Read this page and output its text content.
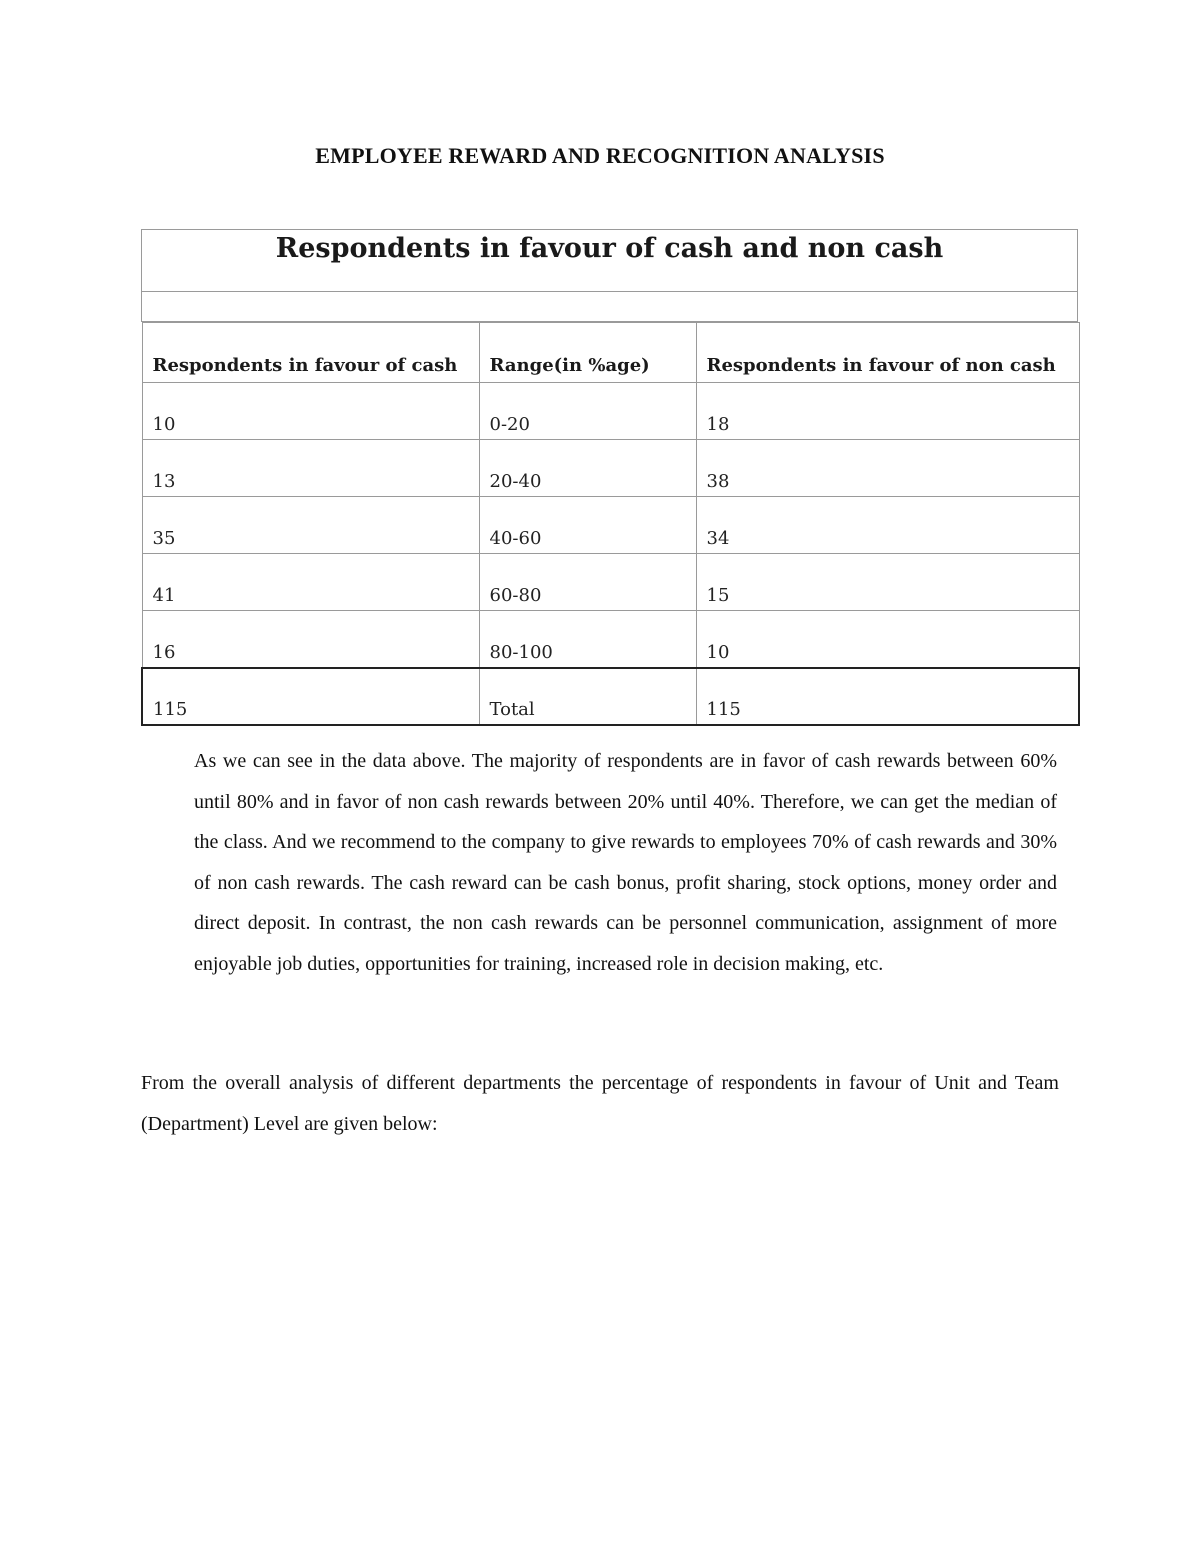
EMPLOYEE REWARD AND RECOGNITION ANALYSIS
Respondents in favour of cash and non cash
Respondents in favour of cash	Range(in %age)	Respondents in favour of non cash
10	0-20	18
13	20-40	38
35	40-60	34
41	60-80	15
16	80-100	10
115	Total	115

As we can see in the data above. The majority of respondents are in favor of cash rewards between 60% until 80% and in favor of non cash rewards between 20% until 40%. Therefore, we can get the median of the class. And we recommend to the company to give rewards to employees 70% of cash rewards and 30% of non cash rewards. The cash reward can be cash bonus, profit sharing, stock options, money order and direct deposit. In contrast, the non cash rewards can be personnel communication, assignment of more enjoyable job duties, opportunities for training, increased role in decision making, etc.

From the overall analysis of different departments the percentage of respondents in favour of Unit and Team (Department) Level are given below:
